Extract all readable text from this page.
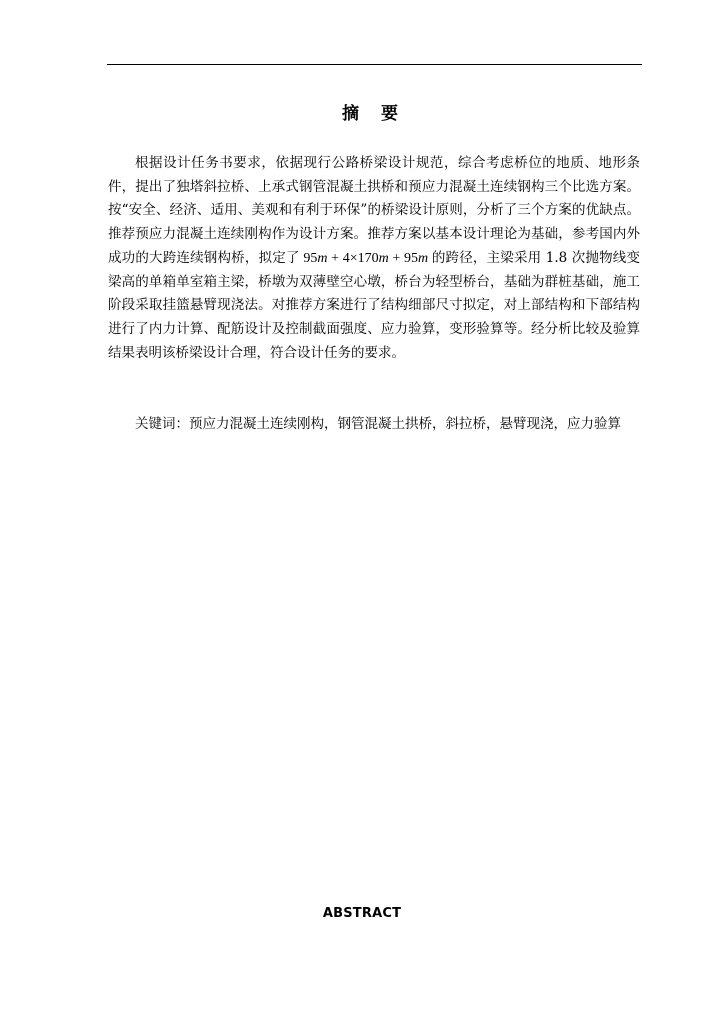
摘 要

根据设计任务书要求，依据现行公路桥梁设计规范，综合考虑桥位的地质、地形条件，提出了独塔斜拉桥、上承式钢管混凝土拱桥和预应力混凝土连续钢构三个比选方案。按“安全、经济、适用、美观和有利于环保”的桥梁设计原则，分析了三个方案的优缺点。推荐预应力混凝土连续刚构作为设计方案。推荐方案以基本设计理论为基础，参考国内外成功的大跨连续钢构桥，拟定了 95m + 4×170m + 95m 的跨径，主梁采用 1.8 次抛物线变梁高的单箱单室箱主梁，桥墩为双薄壁空心墩，桥台为轻型桥台，基础为群桩基础，施工阶段采取挂篮悬臂现浇法。对推荐方案进行了结构细部尺寸拟定，对上部结构和下部结构进行了内力计算、配筋设计及控制截面强度、应力验算，变形验算等。经分析比较及验算结果表明该桥梁设计合理，符合设计任务的要求。

关键词：预应力混凝土连续刚构，钢管混凝土拱桥，斜拉桥，悬臂现浇，应力验算

ABSTRACT
